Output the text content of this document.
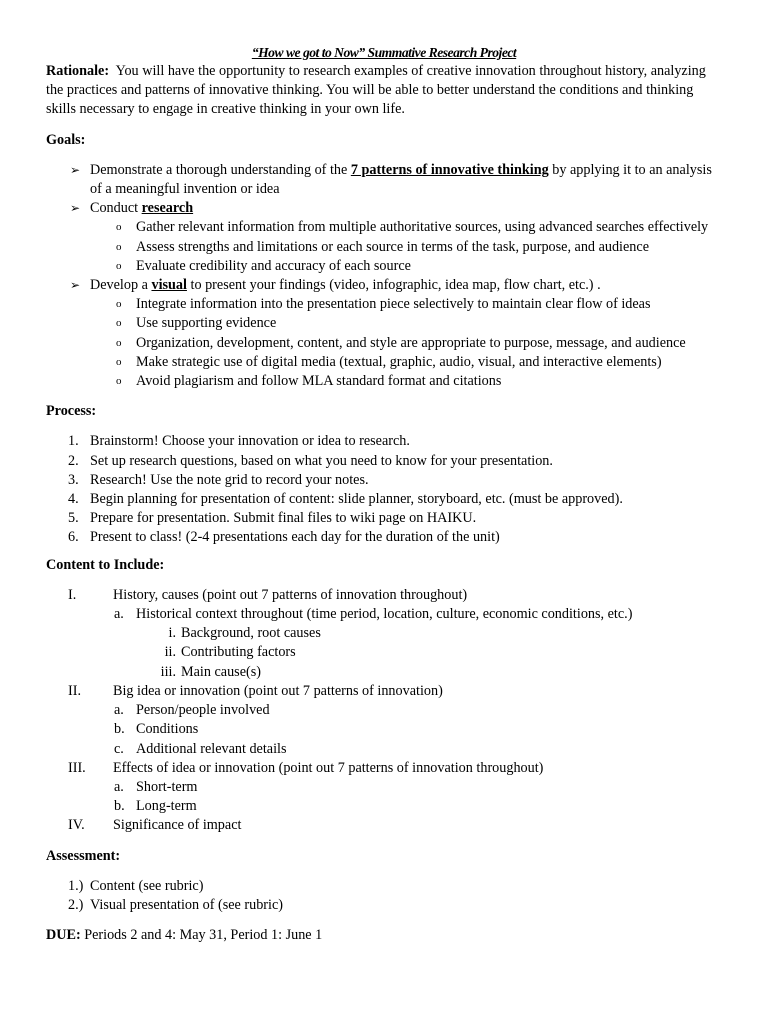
“How we got to Now” Summative Research Project

Rationale: You will have the opportunity to research examples of creative innovation throughout history, analyzing the practices and patterns of innovative thinking. You will be able to better understand the conditions and thinking skills necessary to engage in creative thinking in your own life.

Goals:

➢ Demonstrate a thorough understanding of the 7 patterns of innovative thinking by applying it to an analysis of a meaningful invention or idea
➢ Conduct research
o Gather relevant information from multiple authoritative sources, using advanced searches effectively
o Assess strengths and limitations or each source in terms of the task, purpose, and audience
o Evaluate credibility and accuracy of each source
➢ Develop a visual to present your findings (video, infographic, idea map, flow chart, etc.) .
o Integrate information into the presentation piece selectively to maintain clear flow of ideas
o Use supporting evidence
o Organization, development, content, and style are appropriate to purpose, message, and audience
o Make strategic use of digital media (textual, graphic, audio, visual, and interactive elements)
o Avoid plagiarism and follow MLA standard format and citations

Process:

1. Brainstorm! Choose your innovation or idea to research.
2. Set up research questions, based on what you need to know for your presentation.
3. Research! Use the note grid to record your notes.
4. Begin planning for presentation of content: slide planner, storyboard, etc. (must be approved).
5. Prepare for presentation. Submit final files to wiki page on HAIKU.
6. Present to class! (2-4 presentations each day for the duration of the unit)

Content to Include:

I.	History, causes (point out 7 patterns of innovation throughout)
a. Historical context throughout (time period, location, culture, economic conditions, etc.)
i. Background, root causes
ii. Contributing factors
iii. Main cause(s)
II. Big idea or innovation (point out 7 patterns of innovation)
a. Person/people involved
b. Conditions
c. Additional relevant details
III. Effects of idea or innovation (point out 7 patterns of innovation throughout)
a. Short-term
b. Long-term
IV. Significance of impact

Assessment:

1.) Content (see rubric)
2.) Visual presentation of (see rubric)

DUE: Periods 2 and 4: May 31, Period 1: June 1
